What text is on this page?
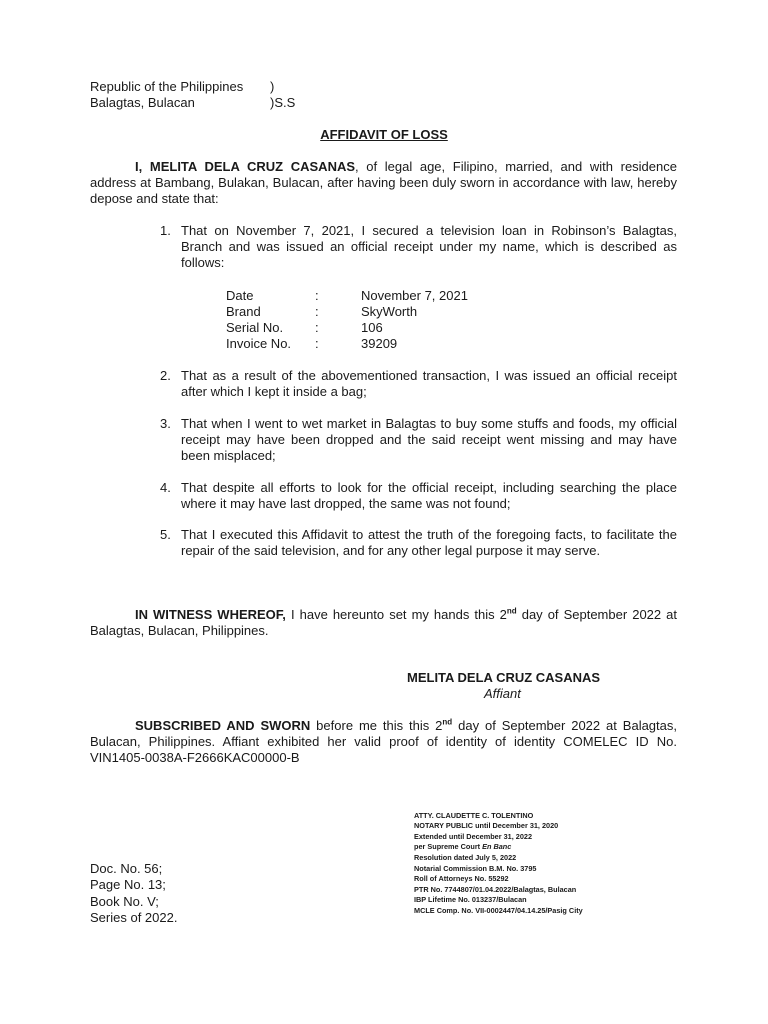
Republic of the Philippines )
Balagtas, Bulacan	)S.S
AFFIDAVIT OF LOSS
I, MELITA DELA CRUZ CASANAS, of legal age, Filipino, married, and with residence address at Bambang, Bulakan, Bulacan, after having been duly sworn in accordance with law, hereby depose and state that:
1. That on November 7, 2021, I secured a television loan in Robinson’s Balagtas, Branch and was issued an official receipt under my name, which is described as follows:
Date	:	November 7, 2021
Brand	:	SkyWorth
Serial No. :	106
Invoice No. :	39209
2. That as a result of the abovementioned transaction, I was issued an official receipt after which I kept it inside a bag;
3. That when I went to wet market in Balagtas to buy some stuffs and foods, my official receipt may have been dropped and the said receipt went missing and may have been misplaced;
4. That despite all efforts to look for the official receipt, including searching the place where it may have last dropped, the same was not found;
5. That I executed this Affidavit to attest the truth of the foregoing facts, to facilitate the repair of the said television, and for any other legal purpose it may serve.
IN WITNESS WHEREOF, I have hereunto set my hands this 2nd day of September 2022 at Balagtas, Bulacan, Philippines.
MELITA DELA CRUZ CASANAS
Affiant
SUBSCRIBED AND SWORN before me this this 2nd day of September 2022 at Balagtas, Bulacan, Philippines. Affiant exhibited her valid proof of identity of identity COMELEC ID No. VIN1405-0038A-F2666KAC00000-B
ATTY. CLAUDETTE C. TOLENTINO
NOTARY PUBLIC until December 31, 2020
Extended until December 31, 2022
per Supreme Court En Banc
Resolution dated July 5, 2022
Notarial Commission B.M. No. 3795
Roll of Attorneys No. 55292
PTR No. 7744807/01.04.2022/Balagtas, Bulacan
IBP Lifetime No. 013237/Bulacan
MCLE Comp. No. VII-0002447/04.14.25/Pasig City
Doc. No. 56;
Page No. 13;
Book No. V;
Series of 2022.
